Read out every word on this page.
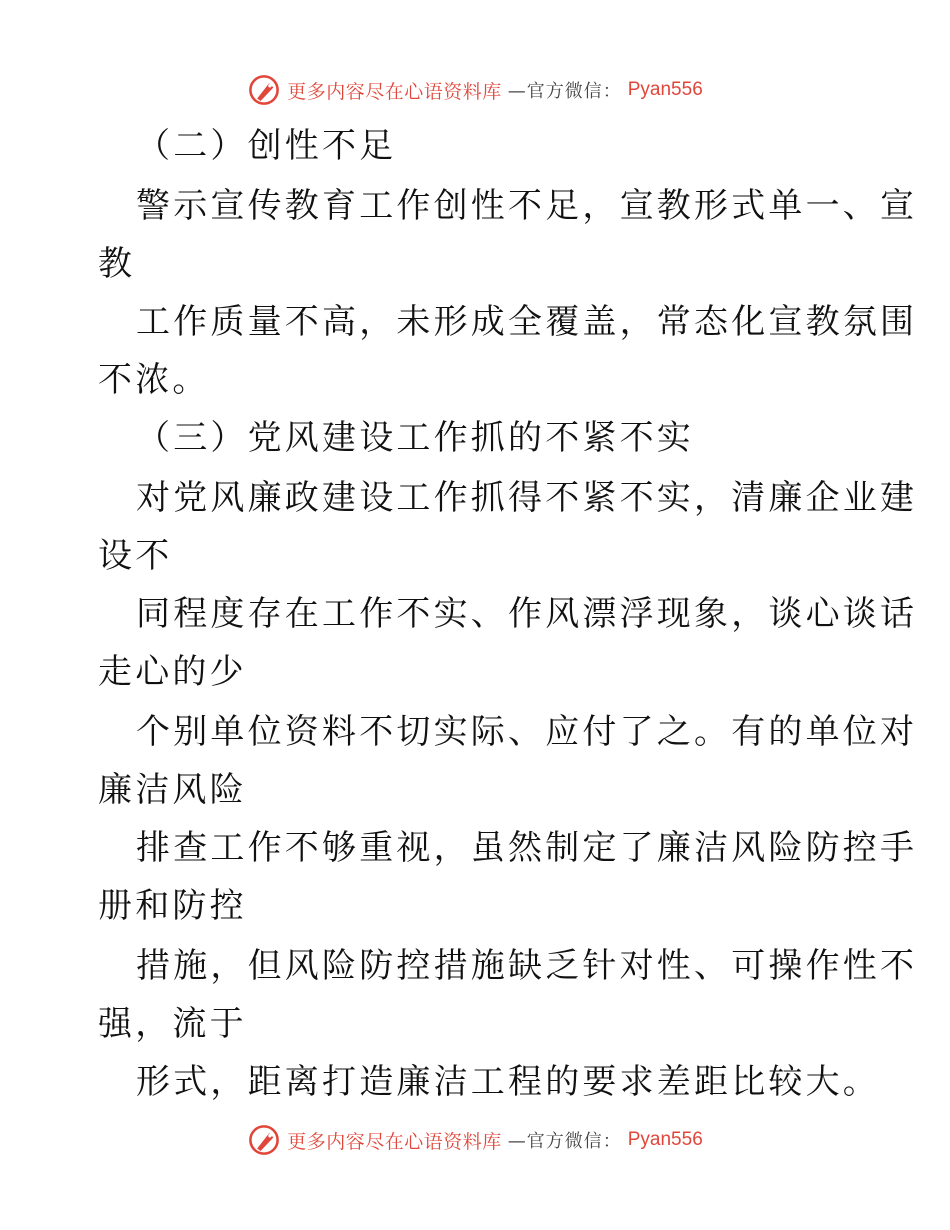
更多内容尽在心语资料库 —官方微信： Pyan556
（二）创性不足
警示宣传教育工作创性不足，宣教形式单一、宣
教
工作质量不高，未形成全覆盖，常态化宣教氛围
不浓。
（三）党风建设工作抓的不紧不实
对党风廉政建设工作抓得不紧不实，清廉企业建
设不
同程度存在工作不实、作风漂浮现象，谈心谈话
走心的少
个别单位资料不切实际、应付了之。有的单位对
廉洁风险
排查工作不够重视，虽然制定了廉洁风险防控手
册和防控
措施，但风险防控措施缺乏针对性、可操作性不
强，流于
形式，距离打造廉洁工程的要求差距比较大。
更多内容尽在心语资料库 —官方微信： Pyan556
